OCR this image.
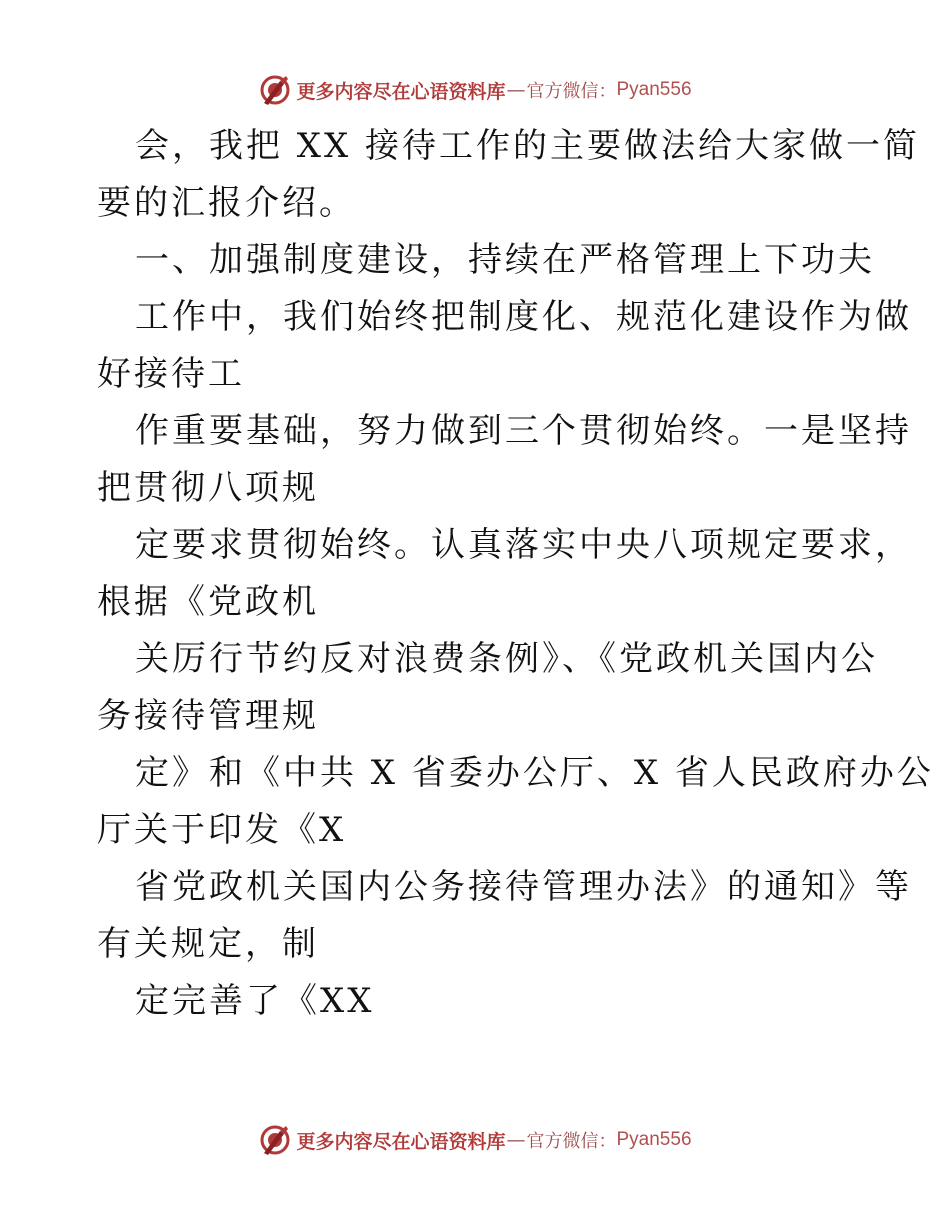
更多内容尽在心语资料库 — 官方微信： Pyan556
会，我把 XX 接待工作的主要做法给大家做一简
要的汇报介绍。
一、加强制度建设，持续在严格管理上下功夫
工作中，我们始终把制度化、规范化建设作为做
好接待工
作重要基础，努力做到三个贯彻始终。一是坚持
把贯彻八项规
定要求贯彻始终。认真落实中央八项规定要求，
根据《党政机
关厉行节约反对浪费条例》、《党政机关国内公
务接待管理规
定》和《中共 X 省委办公厅、X 省人民政府办公
厅关于印发《X
省党政机关国内公务接待管理办法》的通知》等
有关规定，制
定完善了《XX
更多内容尽在心语资料库 — 官方微信： Pyan556
